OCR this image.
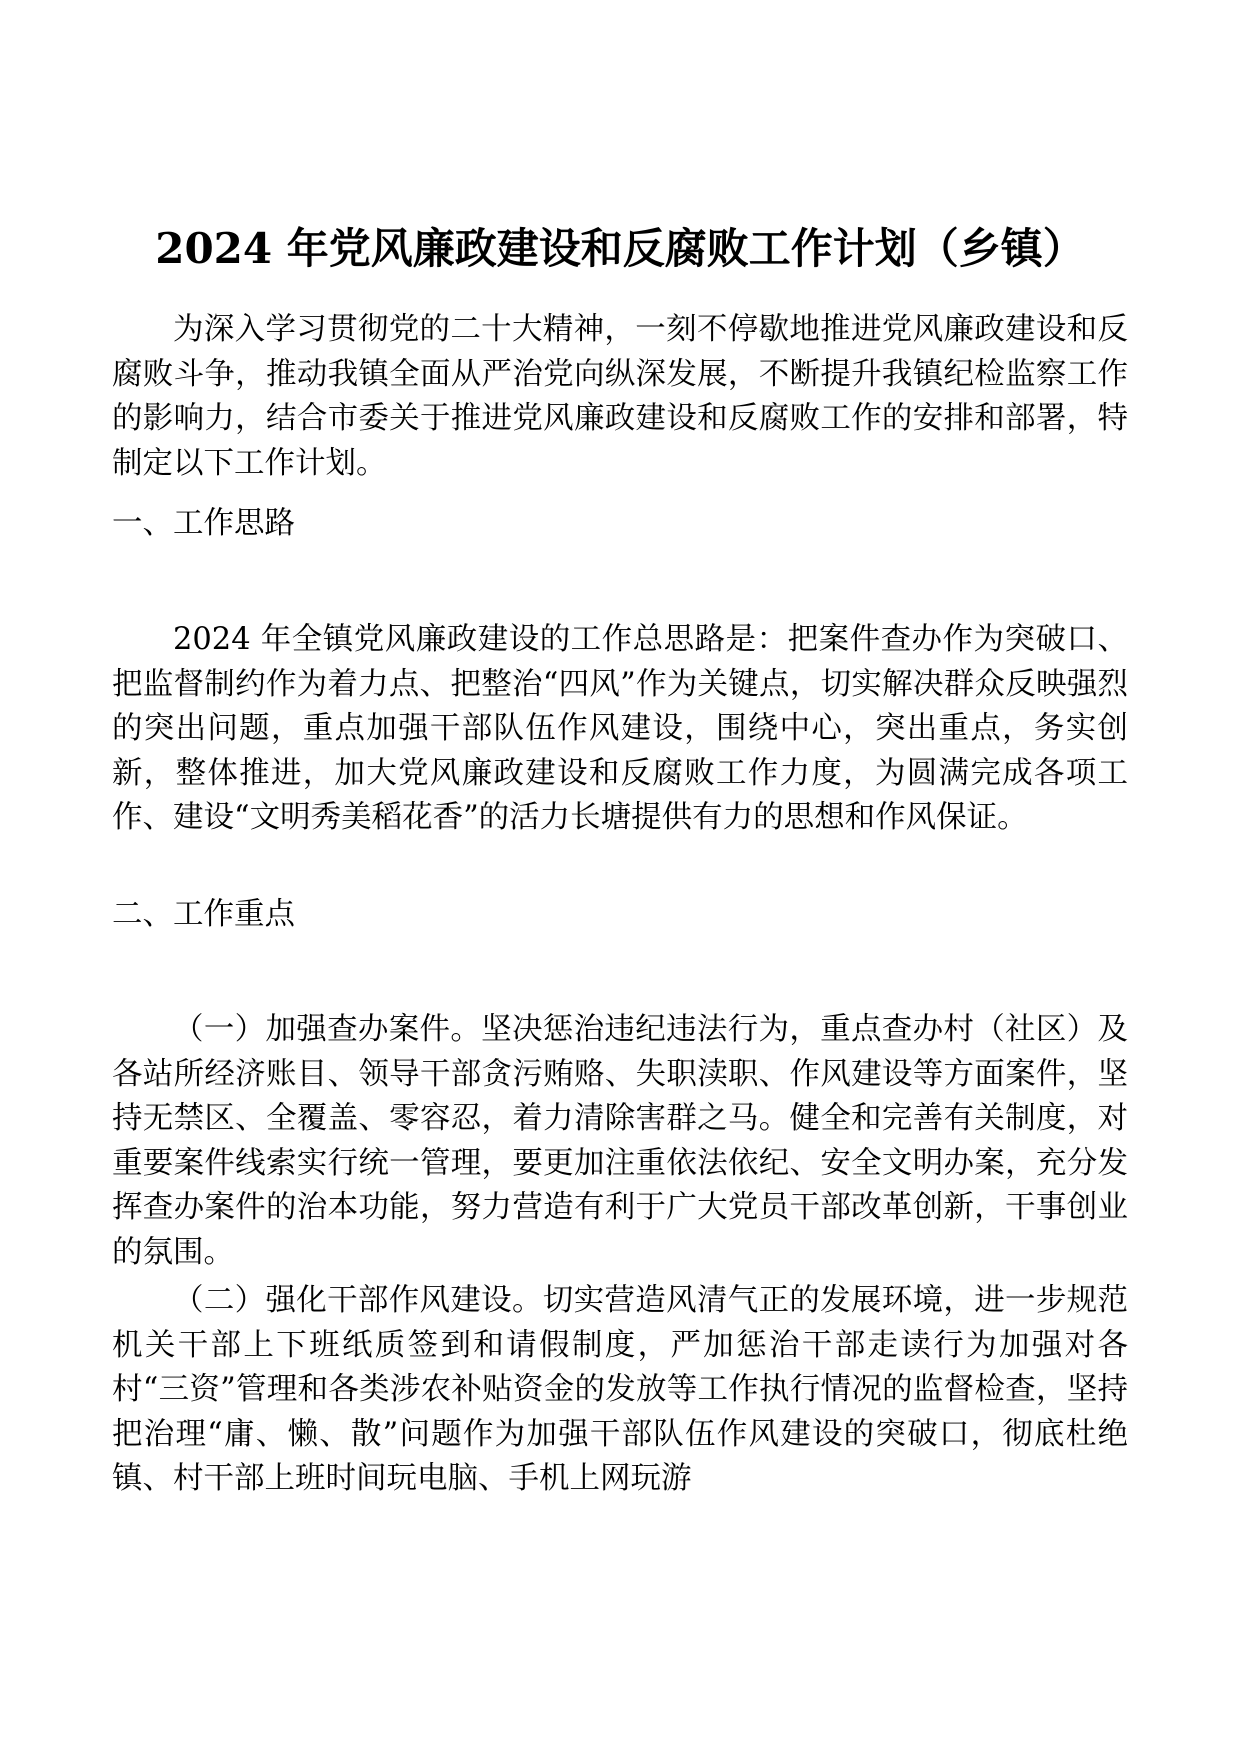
2024 年党风廉政建设和反腐败工作计划（乡镇）

为深入学习贯彻党的二十大精神，一刻不停歇地推进党风廉政建设和反腐败斗争，推动我镇全面从严治党向纵深发展，不断提升我镇纪检监察工作的影响力，结合市委关于推进党风廉政建设和反腐败工作的安排和部署，特制定以下工作计划。

一、工作思路

2024 年全镇党风廉政建设的工作总思路是：把案件查办作为突破口、把监督制约作为着力点、把整治“四风”作为关键点，切实解决群众反映强烈的突出问题，重点加强干部队伍作风建设，围绕中心，突出重点，务实创新，整体推进，加大党风廉政建设和反腐败工作力度，为圆满完成各项工作、建设“文明秀美稻花香”的活力长塘提供有力的思想和作风保证。

二、工作重点

（一）加强查办案件。坚决惩治违纪违法行为，重点查办村（社区）及各站所经济账目、领导干部贪污贿赂、失职渎职、作风建设等方面案件，坚持无禁区、全覆盖、零容忍，着力清除害群之马。健全和完善有关制度，对重要案件线索实行统一管理，要更加注重依法依纪、安全文明办案，充分发挥查办案件的治本功能，努力营造有利于广大党员干部改革创新，干事创业的氛围。

（二）强化干部作风建设。切实营造风清气正的发展环境，进一步规范机关干部上下班纸质签到和请假制度，严加惩治干部走读行为加强对各村“三资”管理和各类涉农补贴资金的发放等工作执行情况的监督检查，坚持把治理“庸、懒、散”问题作为加强干部队伍作风建设的突破口，彻底杜绝镇、村干部上班时间玩电脑、手机上网玩游
